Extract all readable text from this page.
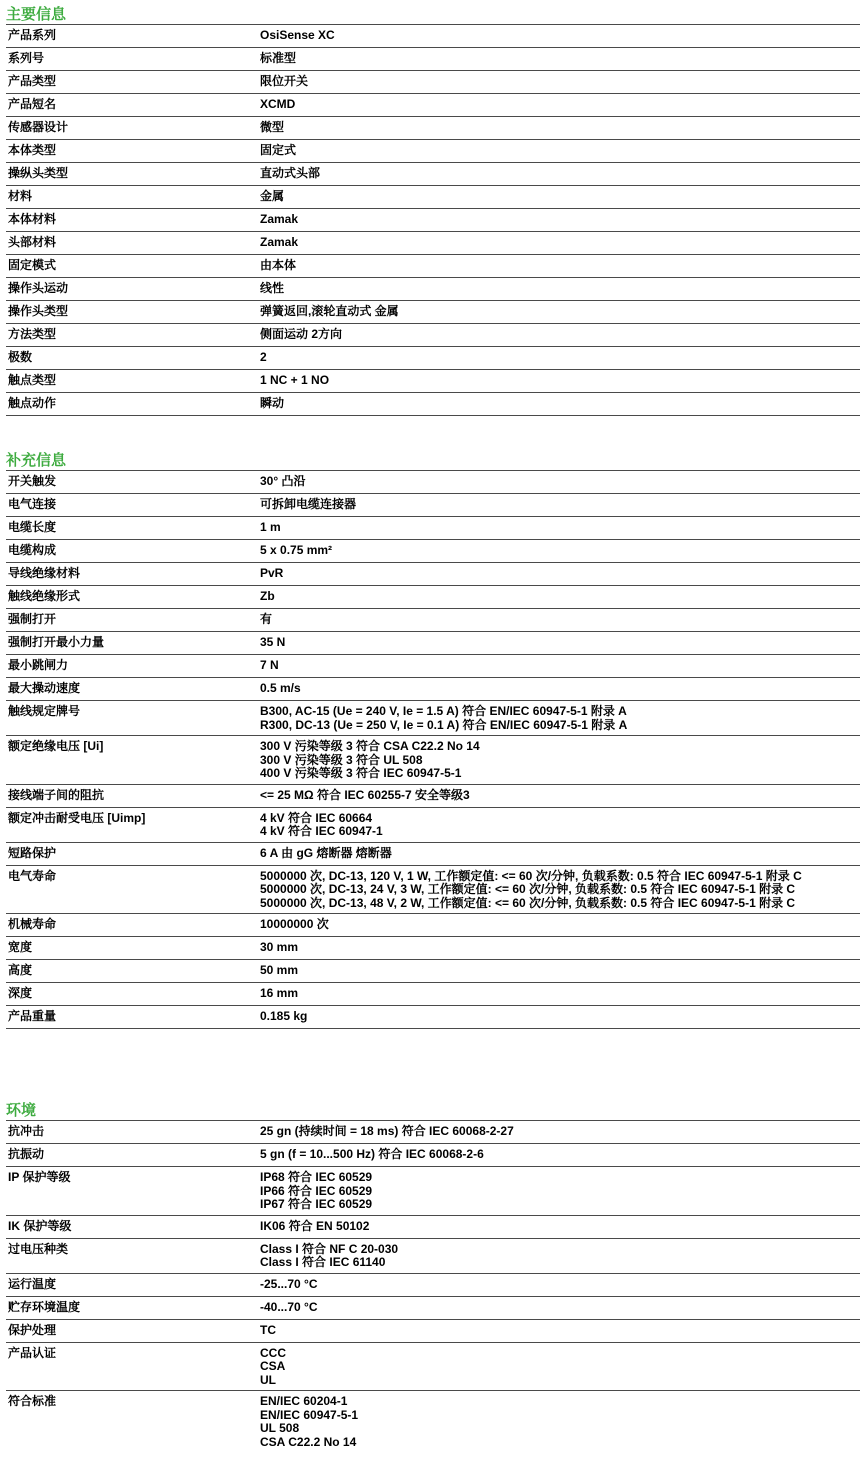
主要信息
产品系列	OsiSense XC
系列号	标准型
产品类型	限位开关
产品短名	XCMD
传感器设计	微型
本体类型	固定式
操纵头类型	直动式头部
材料	金属
本体材料	Zamak
头部材料	Zamak
固定模式	由本体
操作头运动	线性
操作头类型	弹簧返回,滚轮直动式 金属
方法类型	侧面运动 2方向
极数	2
触点类型	1 NC + 1 NO
触点动作	瞬动
补充信息
开关触发	30° 凸沿
电气连接	可拆卸电缆连接器
电缆长度	1 m
电缆构成	5 x 0.75 mm²
导线绝缘材料	PvR
触线绝缘形式	Zb
强制打开	有
强制打开最小力量	35 N
最小跳闸力	7 N
最大操动速度	0.5 m/s
触线规定牌号	B300, AC-15 (Ue = 240 V, Ie = 1.5 A) 符合 EN/IEC 60947-5-1 附录 A
R300, DC-13 (Ue = 250 V, Ie = 0.1 A) 符合 EN/IEC 60947-5-1 附录 A
额定绝缘电压 [Ui]	300 V 污染等级 3 符合 CSA C22.2 No 14
300 V 污染等级 3 符合 UL 508
400 V 污染等级 3 符合 IEC 60947-5-1
接线端子间的阻抗	<= 25 MΩ 符合 IEC 60255-7 安全等级3
额定冲击耐受电压 [Uimp]	4 kV 符合 IEC 60664
4 kV 符合 IEC 60947-1
短路保护	6 A 由 gG 熔断器 熔断器
电气寿命	5000000 次, DC-13, 120 V, 1 W, 工作额定值: <= 60 次/分钟, 负载系数: 0.5 符合 IEC 60947-5-1 附录 C
5000000 次, DC-13, 24 V, 3 W, 工作额定值: <= 60 次/分钟, 负载系数: 0.5 符合 IEC 60947-5-1 附录 C
5000000 次, DC-13, 48 V, 2 W, 工作额定值: <= 60 次/分钟, 负载系数: 0.5 符合 IEC 60947-5-1 附录 C
机械寿命	10000000 次
宽度	30 mm
高度	50 mm
深度	16 mm
产品重量	0.185 kg
环境
抗冲击	25 gn (持续时间 = 18 ms) 符合 IEC 60068-2-27
抗振动	5 gn (f = 10...500 Hz) 符合 IEC 60068-2-6
IP 保护等级	IP68 符合 IEC 60529
IP66 符合 IEC 60529
IP67 符合 IEC 60529
IK 保护等级	IK06 符合 EN 50102
过电压种类	Class I 符合 NF C 20-030
Class I 符合 IEC 61140
运行温度	-25...70 °C
贮存环境温度	-40...70 °C
保护处理	TC
产品认证	CCC
CSA
UL
符合标准	EN/IEC 60204-1
EN/IEC 60947-5-1
UL 508
CSA C22.2 No 14
